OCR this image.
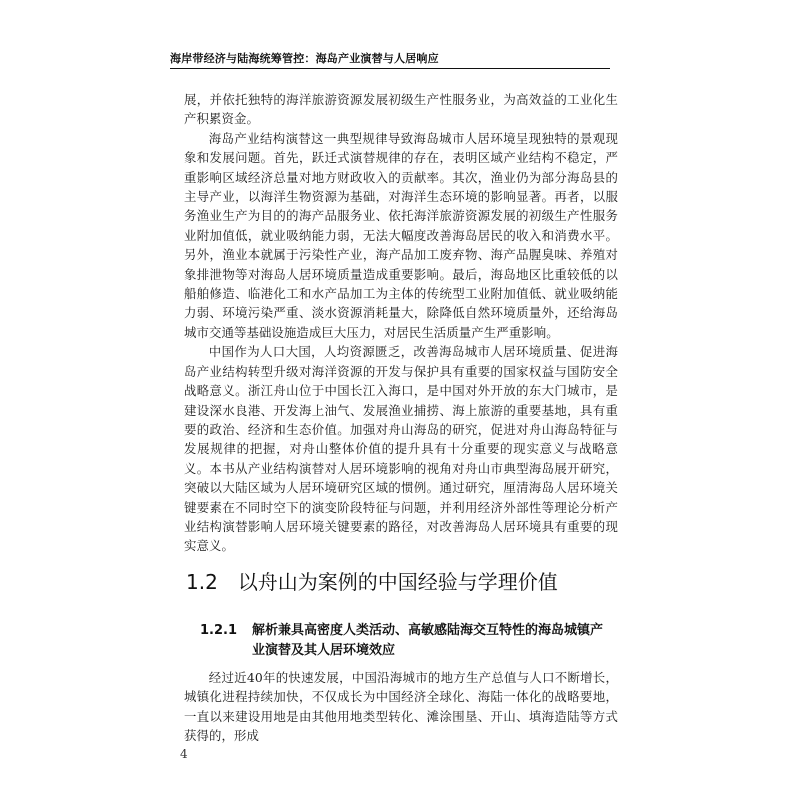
海岸带经济与陆海统筹管控：海岛产业演替与人居响应

展，并依托独特的海洋旅游资源发展初级生产性服务业，为高效益的工业化生产积累资金。

海岛产业结构演替这一典型规律导致海岛城市人居环境呈现独特的景观现象和发展问题。首先，跃迁式演替规律的存在，表明区域产业结构不稳定，严重影响区域经济总量对地方财政收入的贡献率。其次，渔业仍为部分海岛县的主导产业，以海洋生物资源为基础，对海洋生态环境的影响显著。再者，以服务渔业生产为目的的海产品服务业、依托海洋旅游资源发展的初级生产性服务业附加值低，就业吸纳能力弱，无法大幅度改善海岛居民的收入和消费水平。另外，渔业本就属于污染性产业，海产品加工废弃物、海产品腥臭味、养殖对象排泄物等对海岛人居环境质量造成重要影响。最后，海岛地区比重较低的以船舶修造、临港化工和水产品加工为主体的传统型工业附加值低、就业吸纳能力弱、环境污染严重、淡水资源消耗量大，除降低自然环境质量外，还给海岛城市交通等基础设施造成巨大压力，对居民生活质量产生严重影响。

中国作为人口大国，人均资源匮乏，改善海岛城市人居环境质量、促进海岛产业结构转型升级对海洋资源的开发与保护具有重要的国家权益与国防安全战略意义。浙江舟山位于中国长江入海口，是中国对外开放的东大门城市，是建设深水良港、开发海上油气、发展渔业捕捞、海上旅游的重要基地，具有重要的政治、经济和生态价值。加强对舟山海岛的研究，促进对舟山海岛特征与发展规律的把握，对舟山整体价值的提升具有十分重要的现实意义与战略意义。本书从产业结构演替对人居环境影响的视角对舟山市典型海岛展开研究，突破以大陆区域为人居环境研究区域的惯例。通过研究，厘清海岛人居环境关键要素在不同时空下的演变阶段特征与问题，并利用经济外部性等理论分析产业结构演替影响人居环境关键要素的路径，对改善海岛人居环境具有重要的现实意义。

1.2 以舟山为案例的中国经验与学理价值
1.2.1 解析兼具高密度人类活动、高敏感陆海交互特性的海岛城镇产
业演替及其人居环境效应

经过近40年的快速发展，中国沿海城市的地方生产总值与人口不断增长，城镇化进程持续加快，不仅成长为中国经济全球化、海陆一体化的战略要地，一直以来建设用地是由其他用地类型转化、滩涂围垦、开山、填海造陆等方式获得的，形成

4
